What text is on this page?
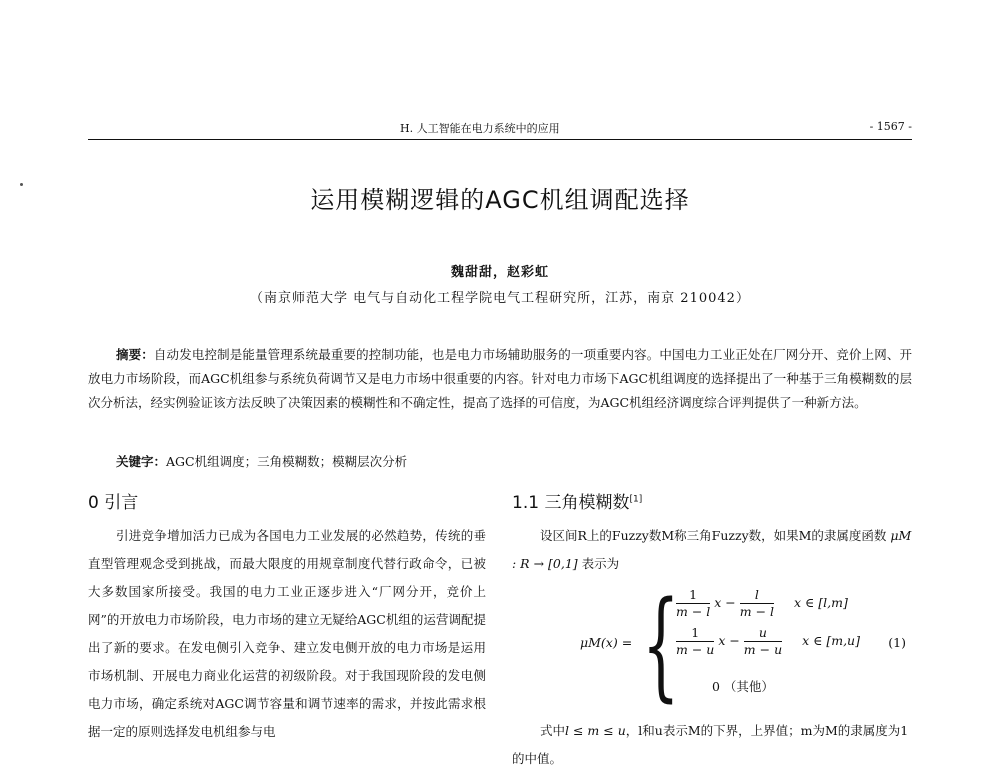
H. 人工智能在电力系统中的应用	- 1567 -
运用模糊逻辑的AGC机组调配选择
魏甜甜，赵彩虹
（南京师范大学 电气与自动化工程学院电气工程研究所，江苏，南京 210042）
摘要：自动发电控制是能量管理系统最重要的控制功能，也是电力市场辅助服务的一项重要内容。中国电力工业正处在厂网分开、竞价上网、开放电力市场阶段，而AGC机组参与系统负荷调节又是电力市场中很重要的内容。针对电力市场下AGC机组调度的选择提出了一种基于三角模糊数的层次分析法，经实例验证该方法反映了决策因素的模糊性和不确定性，提高了选择的可信度，为AGC机组经济调度综合评判提供了一种新方法。
关键字：AGC机组调度；三角模糊数；模糊层次分析
0 引言	1.1 三角模糊数[1]
引进竞争增加活力已成为各国电力工业发展的必然趋势，传统的垂直型管理观念受到挑战，而最大限度的用规章制度代替行政命令，已被大多数国家所接受。我国的电力工业正逐步进入“厂网分开，竞价上网”的开放电力市场阶段，电力市场的建立无疑给AGC机组的运营调配提出了新的要求。在发电侧引入竞争、建立发电侧开放的电力市场是运用市场机制、开展电力商业化运营的初级阶段。对于我国现阶段的发电侧电力市场，确定系统对AGC调节容量和调节速率的需求，并按此需求根据一定的原则选择发电机组参与电
设区间R上的Fuzzy数M称三角Fuzzy数，如果M的隶属度函数 μM : R → [0,1] 表示为
μM(x) = {
$\frac{1}{m - l}$ $x - \frac{l}{m - l}$ x ∈ [l,m]
$\frac{1}{m - u}$ $x - \frac{u}{m - u}$ x ∈ [m,u]
0 （其他）
(1)
式中l ≤ m ≤ u，l和u表示M的下界，上界值；m为M的隶属度为1的中值。
